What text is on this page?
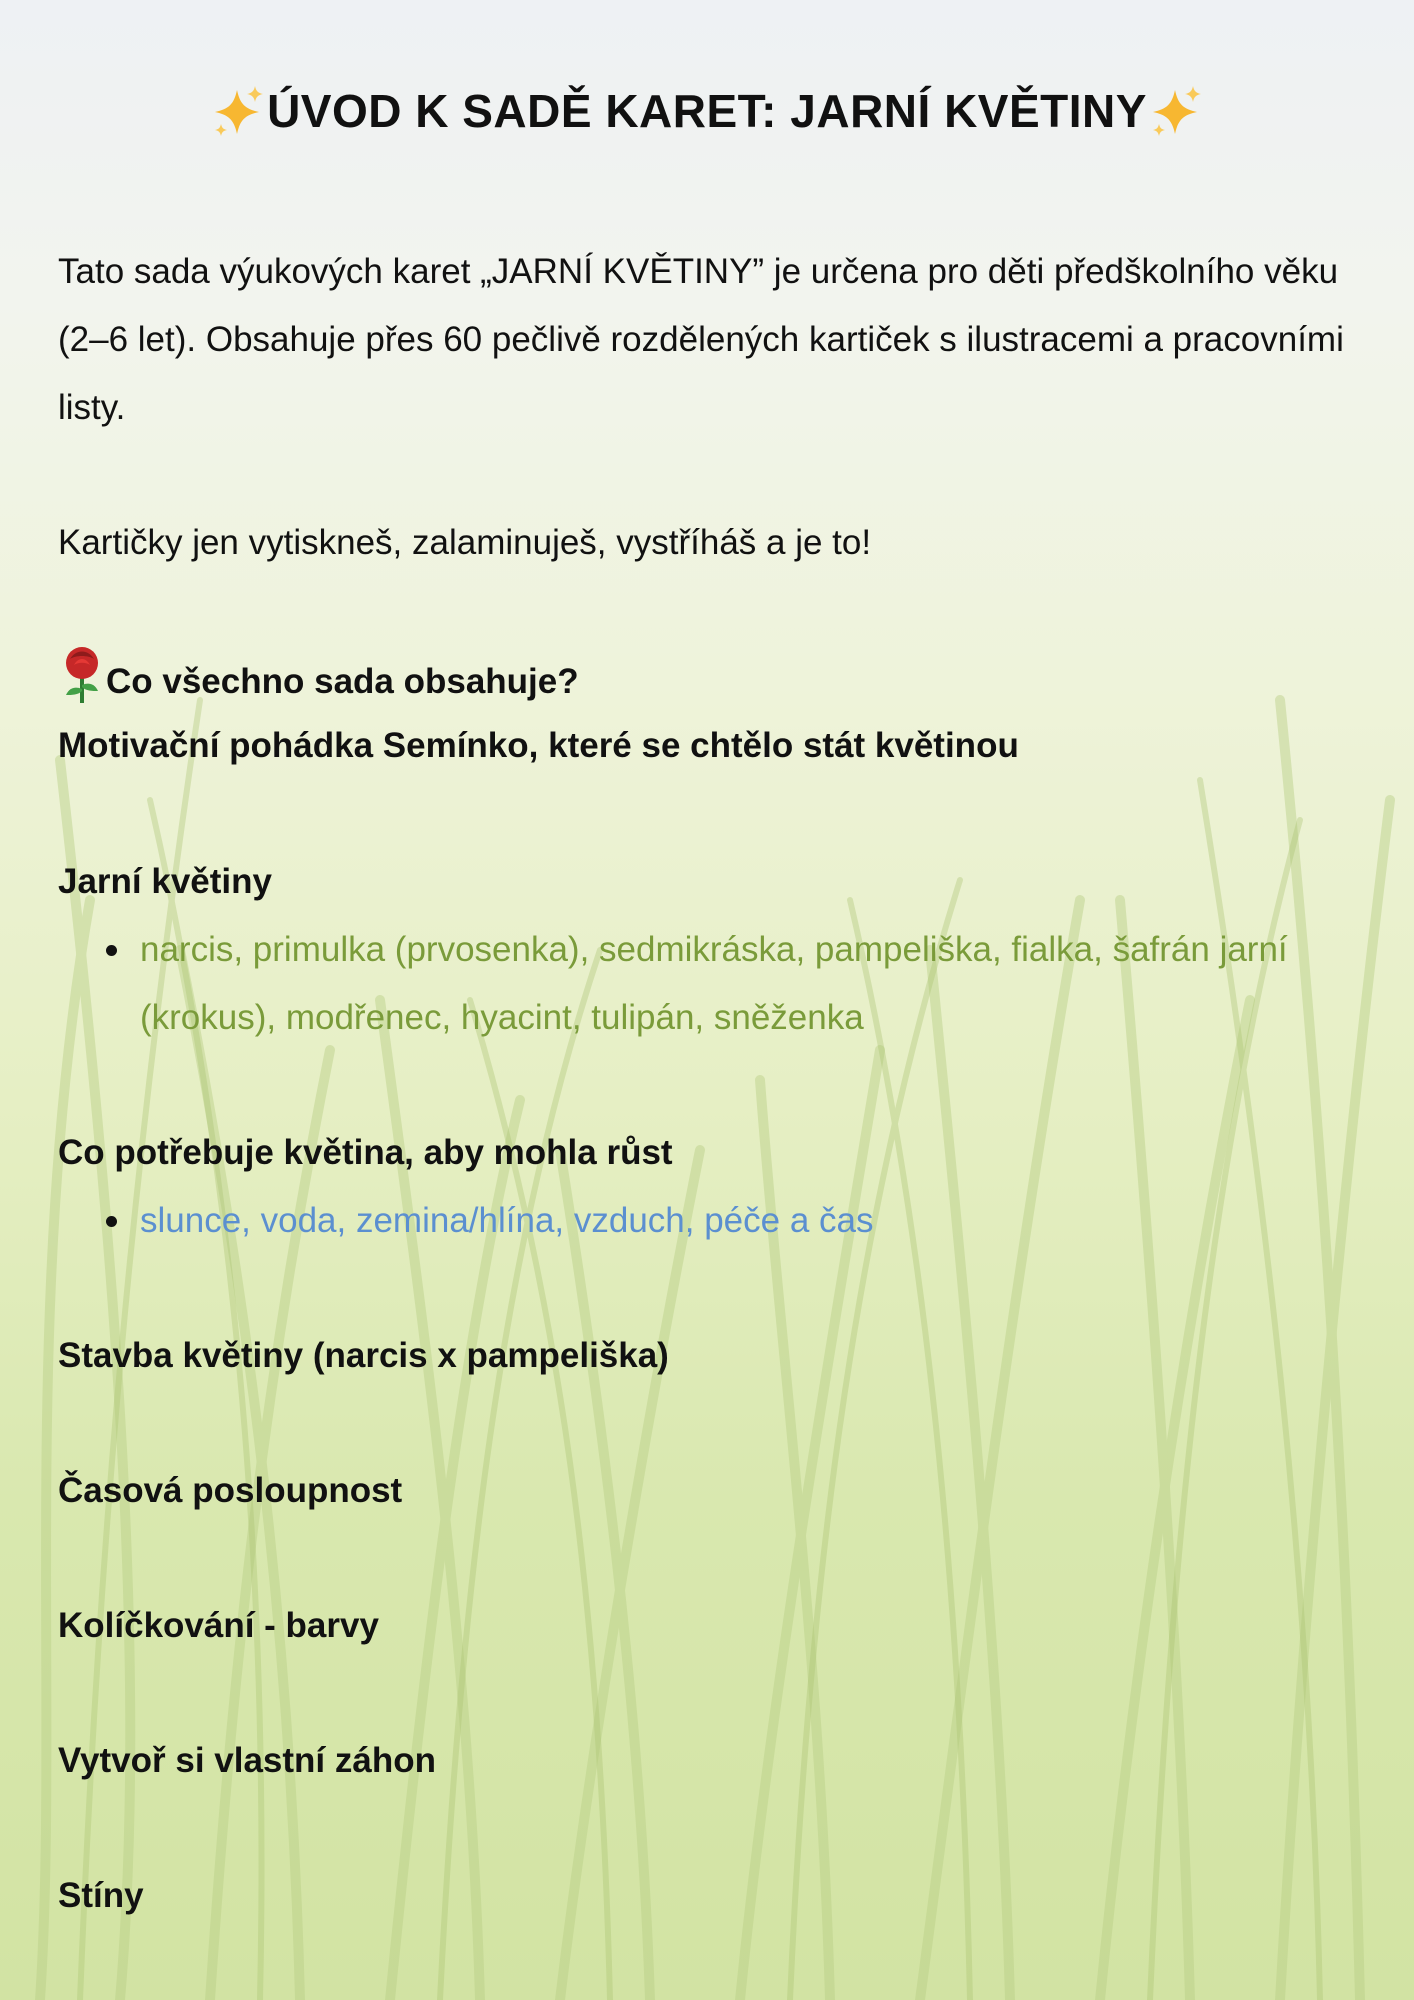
ÚVOD K SADĚ KARET: JARNÍ KVĚTINY
Tato sada výukových karet „JARNÍ KVĚTINY” je určena pro děti předškolního věku (2–6 let). Obsahuje přes 60 pečlivě rozdělených kartiček s ilustracemi a pracovními listy.
Kartičky jen vytiskneš, zalaminuješ, vystříháš a je to!
Co všechno sada obsahuje?
Motivační pohádka Semínko, které se chtělo stát květinou
Jarní květiny
narcis, primulka (prvosenka), sedmikráska, pampeliška, fialka, šafrán jarní (krokus), modřenec, hyacint, tulipán, sněženka
Co potřebuje květina, aby mohla růst
slunce, voda, zemina/hlína, vzduch, péče a čas
Stavba květiny (narcis x pampeliška)
Časová posloupnost
Kolíčkování - barvy
Vytvoř si vlastní záhon
Stíny
